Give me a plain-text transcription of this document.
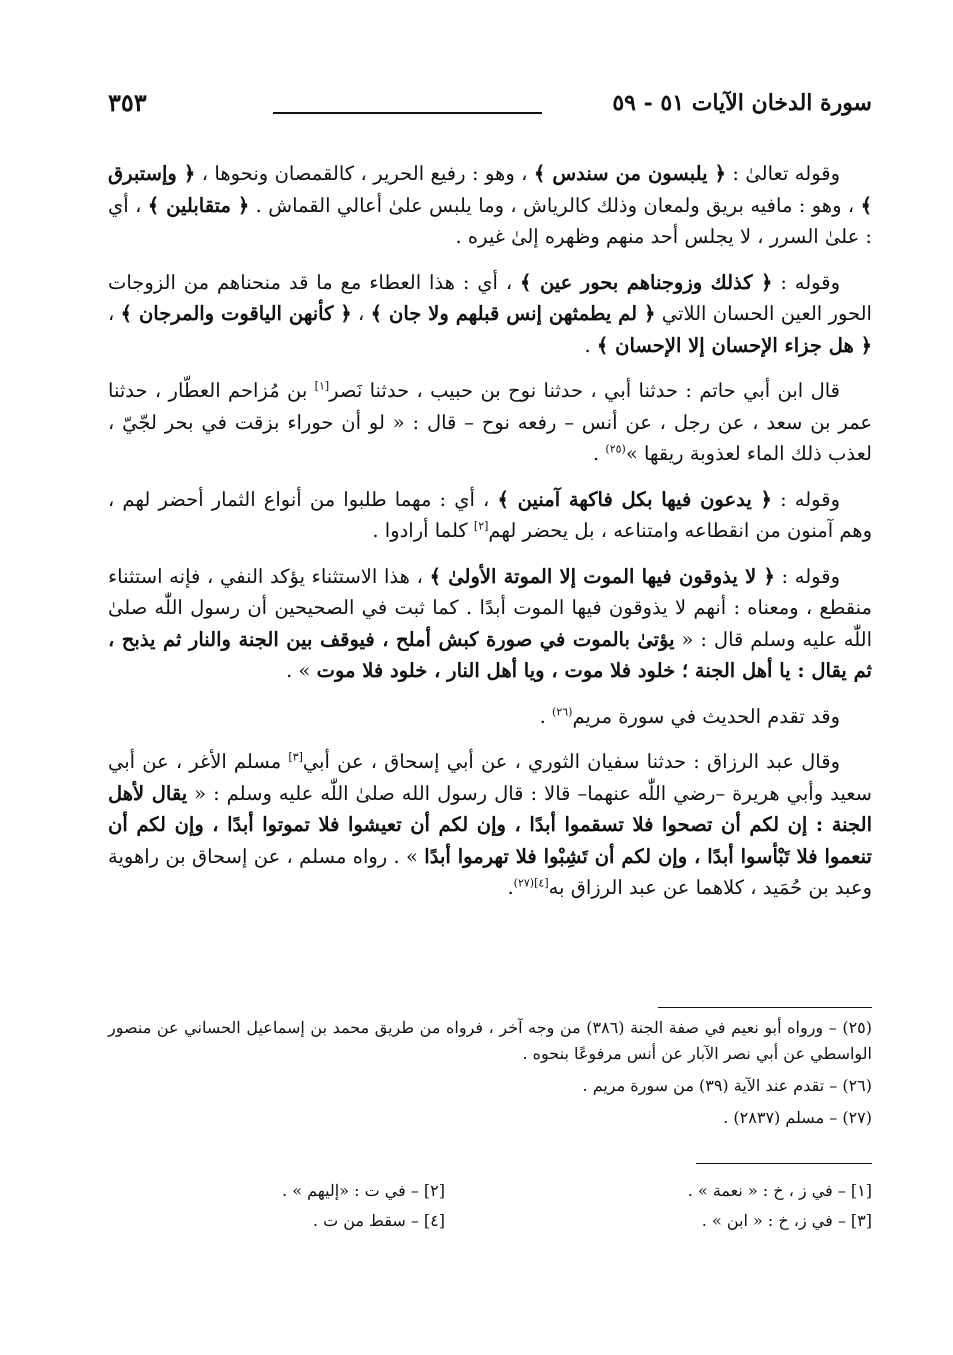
سورة الدخان الآيات ٥١ - ٥٩
٣٥٣

وقوله تعالىٰ : ﴿ يلبسون من سندس ﴾ ، وهو : رفيع الحرير ، كالقمصان ونحوها ، ﴿ وإستبرق ﴾ ، وهو : مافيه بريق ولمعان وذلك كالرياش ، وما يلبس علىٰ أعالي القماش . ﴿ متقابلين ﴾ ، أي : علىٰ السرر ، لا يجلس أحد منهم وظهره إلىٰ غيره .

وقوله : ﴿ كذلك وزوجناهم بحور عين ﴾ ، أي : هذا العطاء مع ما قد منحناهم من الزوجات الحور العين الحسان اللاتي ﴿ لم يطمثهن إنس قبلهم ولا جان ﴾ ، ﴿ كأنهن الياقوت والمرجان ﴾ ، ﴿ هل جزاء الإحسان إلا الإحسان ﴾ .

قال ابن أبي حاتم : حدثنا أبي ، حدثنا نوح بن حبيب ، حدثنا نَصر[١] بن مُزاحم العطّار ، حدثنا عمر بن سعد ، عن رجل ، عن أنس – رفعه نوح – قال : « لو أن حوراء بزقت في بحر لجّيّ ، لعذب ذلك الماء لعذوبة ريقها »$^{(٢٥)}$ .

وقوله : ﴿ يدعون فيها بكل فاكهة آمنين ﴾ ، أي : مهما طلبوا من أنواع الثمار أحضر لهم ، وهم آمنون من انقطاعه وامتناعه ، بل يحضر لهم[٢] كلما أرادوا .

وقوله : ﴿ لا يذوقون فيها الموت إلا الموتة الأولىٰ ﴾ ، هذا الاستثناء يؤكد النفي ، فإنه استثناء منقطع ، ومعناه : أنهم لا يذوقون فيها الموت أبدًا . كما ثبت في الصحيحين أن رسول اللّٰه صلىٰ اللّٰه عليه وسلم قال : « يؤتىٰ بالموت في صورة كبش أملح ، فيوقف بين الجنة والنار ثم يذبح ، ثم يقال : يا أهل الجنة ؛ خلود فلا موت ، ويا أهل النار ، خلود فلا موت » .

وقد تقدم الحديث في سورة مريم$^{(٢٦)}$ .

وقال عبد الرزاق : حدثنا سفيان الثوري ، عن أبي إسحاق ، عن أبي[٣] مسلم الأغر ، عن أبي سعيد وأبي هريرة –رضي اللّٰه عنهما– قالا : قال رسول الله صلىٰ اللّٰه عليه وسلم : « يقال لأهل الجنة : إن لكم أن تصحوا فلا تسقموا أبدًا ، وإن لكم أن تعيشوا فلا تموتوا أبدًا ، وإن لكم أن تنعموا فلا تَبْأسوا أبدًا ، وإن لكم أن تَشِبْوا فلا تهرموا أبدًا » . رواه مسلم ، عن إسحاق بن راهوية وعبد بن حُمَيد ، كلاهما عن عبد الرزاق به$^{[٤](٢٧)}$.

(٢٥) – ورواه أبو نعيم في صفة الجنة (٣٨٦) من وجه آخر ، فرواه من طريق محمد بن إسماعيل الحساني عن منصور الواسطي عن أبي نصر الآبار عن أنس مرفوعًا بنحوه .
(٢٦) – تقدم عند الآية (٣٩) من سورة مريم .
(٢٧) – مسلم (٢٨٣٧) .
[١] – في ز ، خ : « نعمة » .
[٢] – في ت : «إليهم » .
[٣] – في ز، خ : « ابن » .
[٤] – سقط من ت .
